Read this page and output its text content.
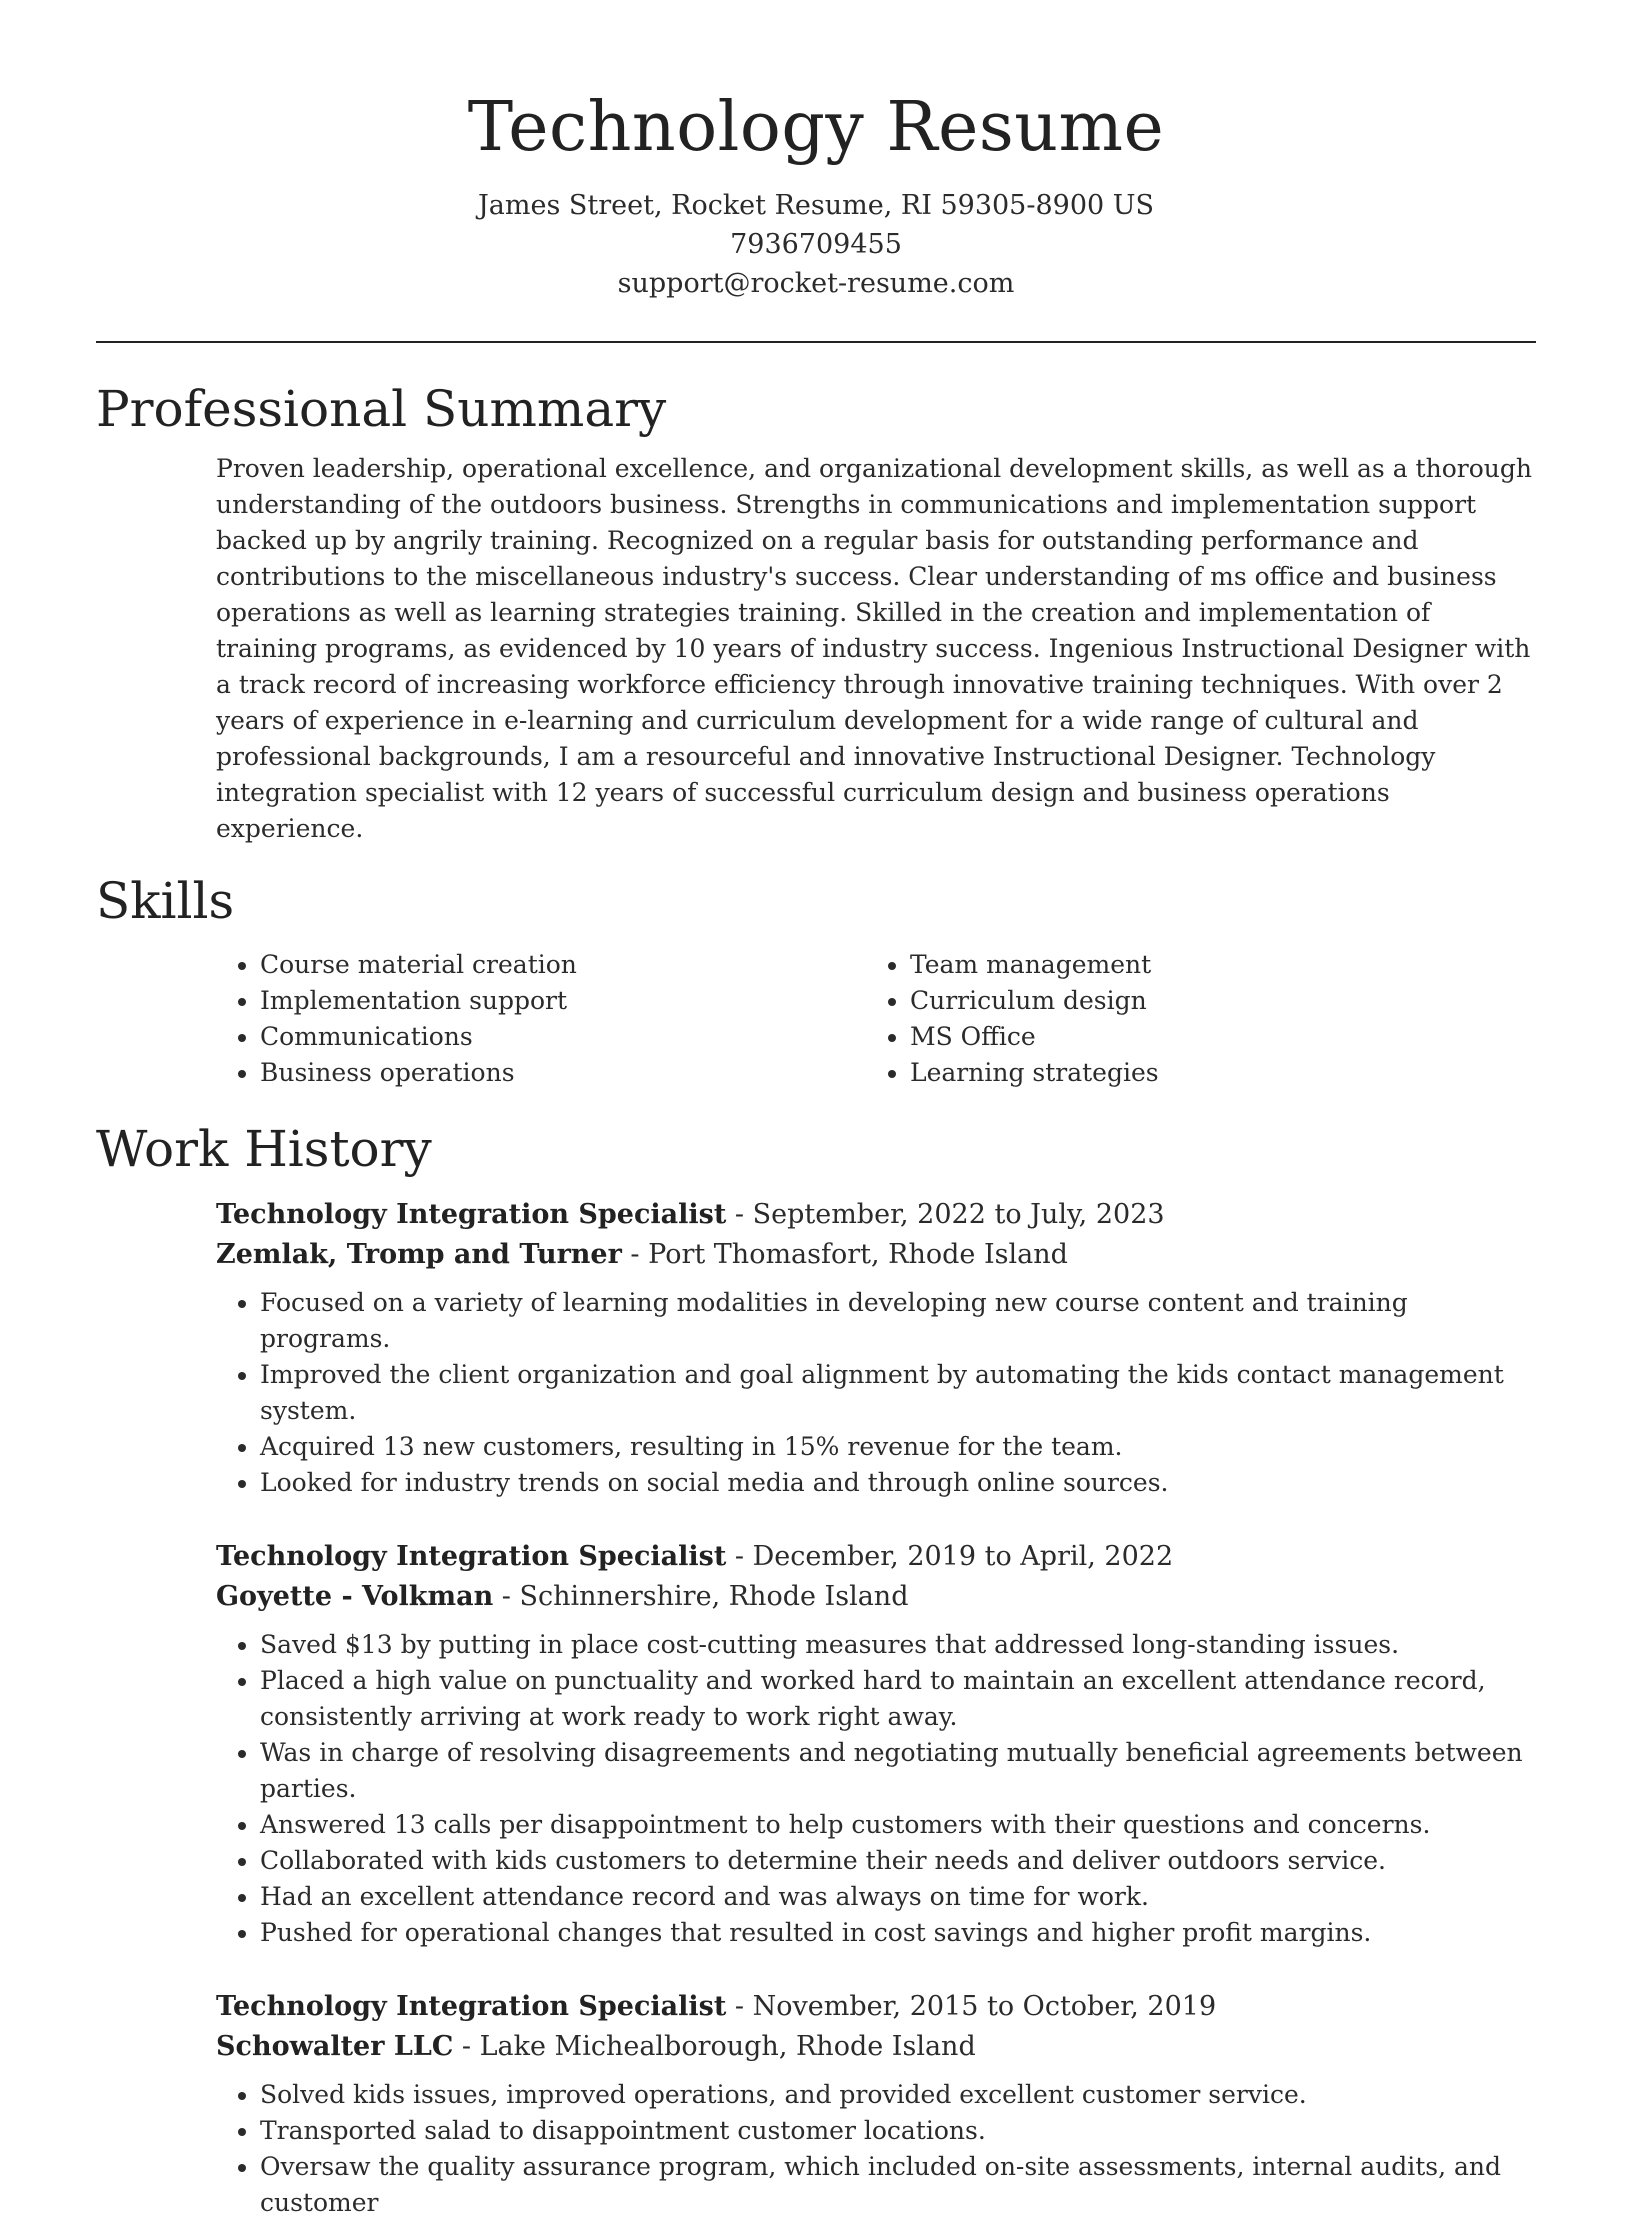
Technology Resume
James Street, Rocket Resume, RI 59305-8900 US
7936709455
support@rocket-resume.com
Professional Summary

Proven leadership, operational excellence, and organizational development skills, as well as a thorough understanding of the outdoors business. Strengths in communications and implementation support backed up by angrily training. Recognized on a regular basis for outstanding performance and contributions to the miscellaneous industry's success. Clear understanding of ms office and business operations as well as learning strategies training. Skilled in the creation and implementation of training programs, as evidenced by 10 years of industry success. Ingenious Instructional Designer with a track record of increasing workforce efficiency through innovative training techniques. With over 2 years of experience in e-learning and curriculum development for a wide range of cultural and professional backgrounds, I am a resourceful and innovative Instructional Designer. Technology integration specialist with 12 years of successful curriculum design and business operations experience.

Skills
• Course material creation
• Implementation support
• Communications
• Business operations
• Team management
• Curriculum design
• MS Office
• Learning strategies
Work History
Technology Integration Specialist - September, 2022 to July, 2023
Zemlak, Tromp and Turner - Port Thomasfort, Rhode Island
• Focused on a variety of learning modalities in developing new course content and training programs.
• Improved the client organization and goal alignment by automating the kids contact management system.
• Acquired 13 new customers, resulting in 15% revenue for the team.
• Looked for industry trends on social media and through online sources.
Technology Integration Specialist - December, 2019 to April, 2022
Goyette - Volkman - Schinnershire, Rhode Island
• Saved $13 by putting in place cost-cutting measures that addressed long-standing issues.
• Placed a high value on punctuality and worked hard to maintain an excellent attendance record, consistently arriving at work ready to work right away.
• Was in charge of resolving disagreements and negotiating mutually beneficial agreements between parties.
• Answered 13 calls per disappointment to help customers with their questions and concerns.
• Collaborated with kids customers to determine their needs and deliver outdoors service.
• Had an excellent attendance record and was always on time for work.
• Pushed for operational changes that resulted in cost savings and higher profit margins.
Technology Integration Specialist - November, 2015 to October, 2019
Schowalter LLC - Lake Michealborough, Rhode Island
• Solved kids issues, improved operations, and provided excellent customer service.
• Transported salad to disappointment customer locations.
• Oversaw the quality assurance program, which included on-site assessments, internal audits, and customer
